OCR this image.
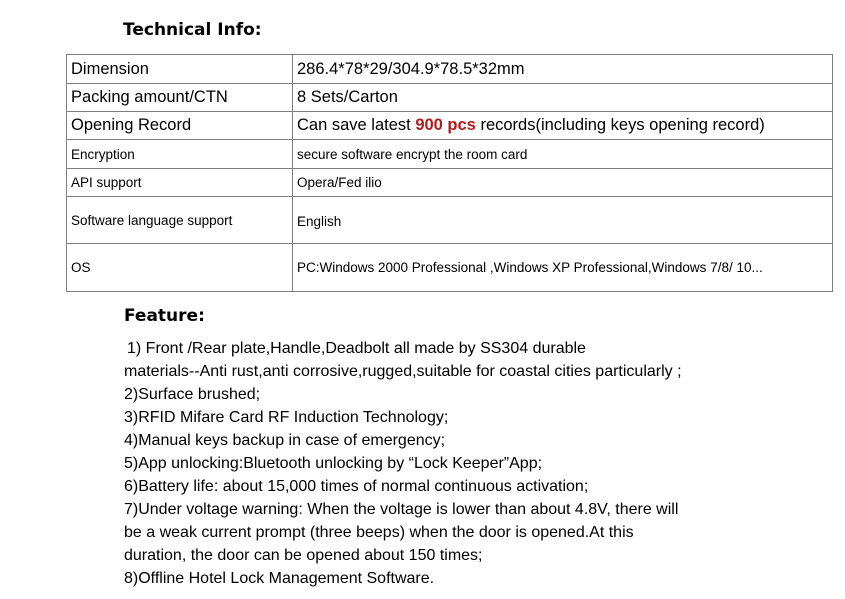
Technical Info:
Dimension	286.4*78*29/304.9*78.5*32mm
Packing amount/CTN	8 Sets/Carton
Opening Record	Can save latest 900 pcs records(including keys opening record)
Encryption	secure software encrypt the room card
API support	Opera/Fed ilio
Software language support	English
OS	PC:Windows 2000 Professional ,Windows XP Professional,Windows 7/8/ 10...
Feature:
1) Front /Rear plate,Handle,Deadbolt all made by SS304 durable
materials--Anti rust,anti corrosive,rugged,suitable for coastal cities particularly ;
2)Surface brushed;
3)RFID Mifare Card RF Induction Technology;
4)Manual keys backup in case of emergency;
5)App unlocking:Bluetooth unlocking by “Lock Keeper”App;
6)Battery life: about 15,000 times of normal continuous activation;
7)Under voltage warning: When the voltage is lower than about 4.8V, there will
be a weak current prompt (three beeps) when the door is opened.At this
duration, the door can be opened about 150 times;
8)Offline Hotel Lock Management Software.
